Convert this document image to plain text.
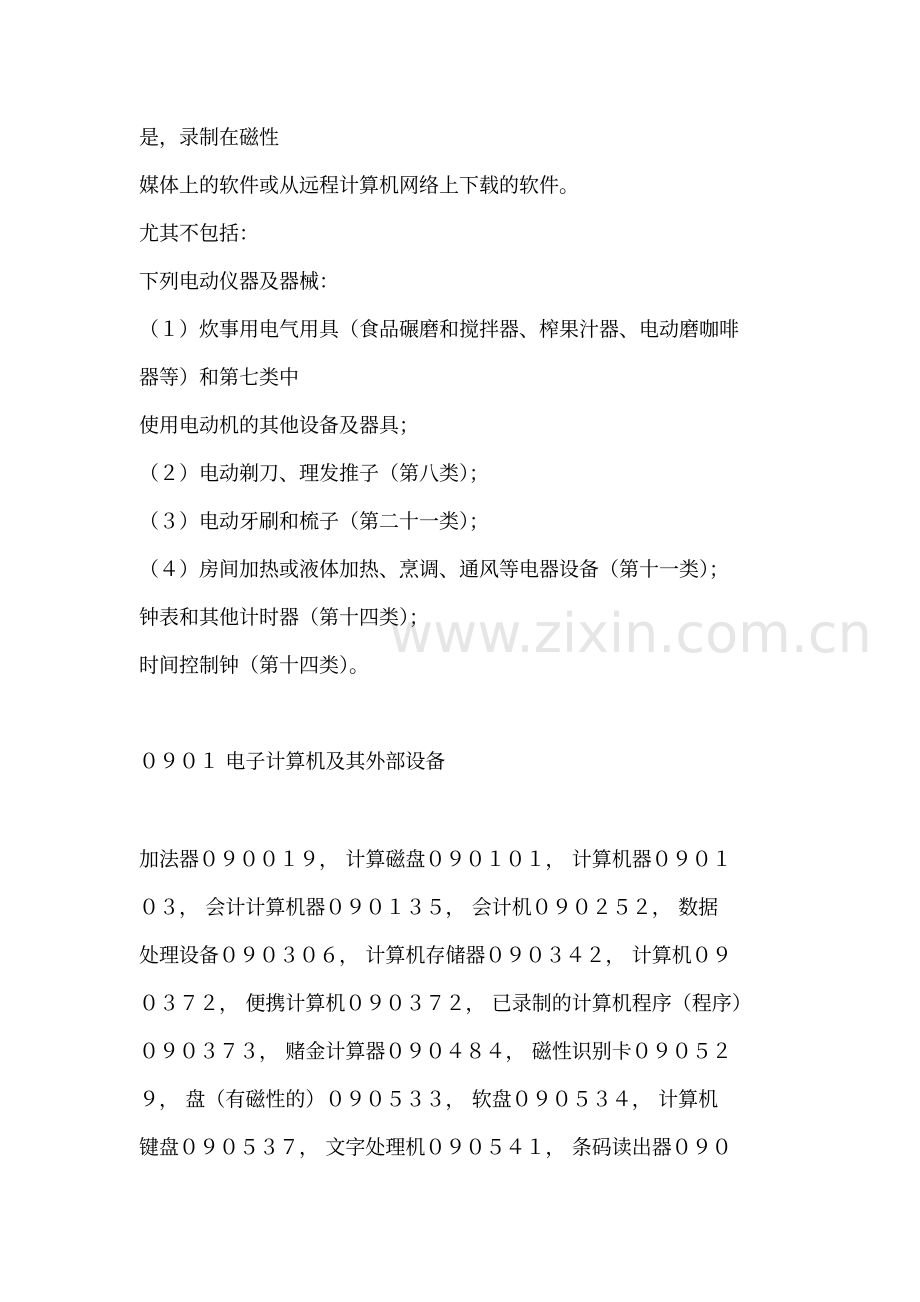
www.zixin.com.cn
是，录制在磁性
媒体上的软件或从远程计算机网络上下载的软件。
尤其不包括：
下列电动仪器及器械：
（１）炊事用电气用具（食品碾磨和搅拌器、榨果汁器、电动磨咖啡
器等）和第七类中
使用电动机的其他设备及器具；
（２）电动剃刀、理发推子（第八类）；
（３）电动牙刷和梳子（第二十一类）；
（４）房间加热或液体加热、烹调、通风等电器设备（第十一类）；
钟表和其他计时器（第十四类）；
时间控制钟（第十四类）。
０９０１ 电子计算机及其外部设备
加法器０９００１９， 计算磁盘０９０１０１， 计算机器０９０１
０３， 会计计算机器０９０１３５， 会计机０９０２５２， 数据
处理设备０９０３０６， 计算机存储器０９０３４２， 计算机０９
０３７２， 便携计算机０９０３７２， 已录制的计算机程序（程序）
０９０３７３， 赌金计算器０９０４８４， 磁性识别卡０９０５２
９， 盘（有磁性的）０９０５３３， 软盘０９０５３４， 计算机
键盘０９０５３７， 文字处理机０９０５４１， 条码读出器０９０
